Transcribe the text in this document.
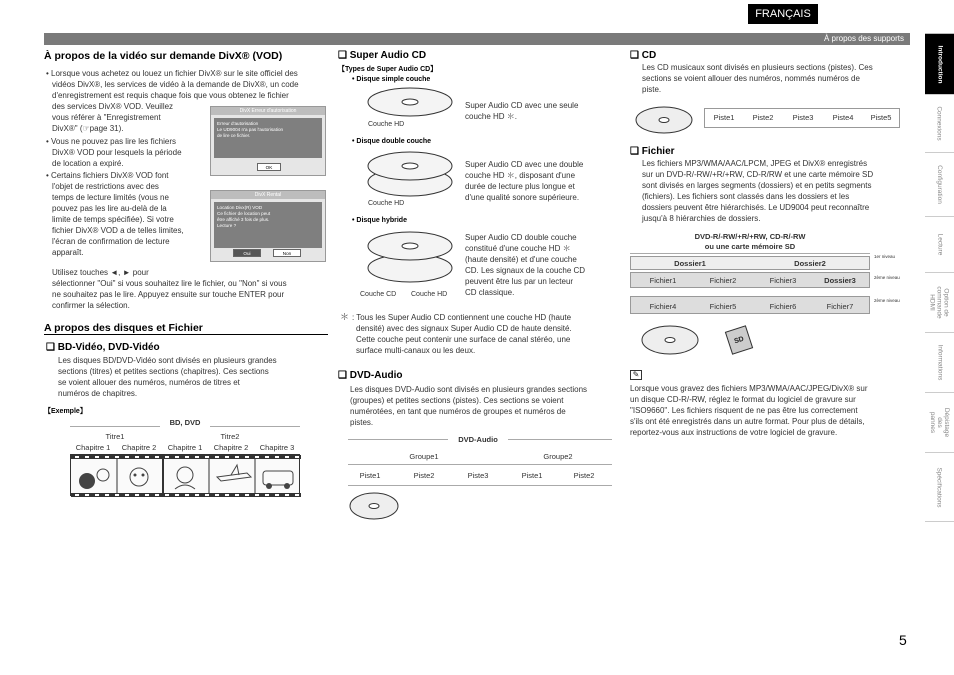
FRANÇAIS
À propos des supports
Introduction
Connexions
Configuration
Lecture
Option de commande HDMI
Informations
Dépistage des pannes
Spécifications
À propos de la vidéo sur demande DivX® (VOD)
• Lorsque vous achetez ou louez un fichier DivX® sur le site officiel des
vidéos DivX®, les services de vidéo à la demande de DivX®, un code
d'enregistrement est requis chaque fois que vous obtenez le fichier
des services DivX® VOD. Veuillez
vous référer à "Enregistrement
DivX®" (☞page 31).
• Vous ne pouvez pas lire les fichiers
DivX® VOD pour lesquels la période
de location a expiré.
• Certains fichiers DivX® VOD font
l'objet de restrictions avec des
temps de lecture limités (vous ne
pouvez pas les lire au-delà de la
limite de temps spécifiée). Si votre
fichier DivX® VOD a de telles limites,
l'écran de confirmation de lecture
apparaît.
DivX Erreur d'autorisation
Erreur d'autorisation
Le UD9004 n'a pas l'autorisation
de lire ce fichier.
OK
DivX Rental
Location Divx(R) VOD
Ce fichier de location peut
être affiché 3 fois de plus.
Lecture ?
Oui	Non
Utilisez touches ◄, ► pour
sélectionner "Oui" si vous souhaitez lire le fichier, ou "Non" si vous
ne souhaitez pas le lire. Appuyez ensuite sur touche ENTER pour
confirmer la sélection.
A propos des disques et Fichier
❑ BD-Vidéo, DVD-Vidéo
Les disques BD/DVD-Vidéo sont divisés en plusieurs grandes
sections (titres) et petites sections (chapitres). Ces sections
se voient allouer des numéros, numéros de titres et
numéros de chapitres.
【Exemple】
BD, DVD
Titre1	Titre2
Chapitre 1	Chapitre 2	Chapitre 1	Chapitre 2	Chapitre 3
❑ Super Audio CD
【Types de Super Audio CD】
• Disque simple couche
Couche HD
Super Audio CD avec une seule
couche HD ＊.
• Disque double couche
Couche HD
Super Audio CD avec une double
couche HD ＊, disposant d'une
durée de lecture plus longue et
d'une qualité sonore supérieure.
• Disque hybride
Couche CD Couche HD
Super Audio CD double couche
constitué d'une couche HD ＊
(haute densité) et d'une couche
CD. Les signaux de la couche CD
peuvent être lus par un lecteur
CD classique.
＊ : Tous les Super Audio CD contiennent une couche HD (haute
densité) avec des signaux Super Audio CD de haute densité.
Cette couche peut contenir une surface de canal stéréo, une
surface multi-canaux ou les deux.
❑ DVD-Audio
Les disques DVD-Audio sont divisés en plusieurs grandes sections
(groupes) et petites sections (pistes). Ces sections se voient
numérotées, en tant que numéros de groupes et numéros de
pistes.
DVD-Audio
Groupe1	Groupe2
Piste1	Piste2	Piste3	Piste1	Piste2
❑ CD
Les CD musicaux sont divisés en plusieurs sections (pistes). Ces
sections se voient allouer des numéros, nommés numéros de
piste.
Piste1	Piste2	Piste3	Piste4	Piste5
❑ Fichier
Les fichiers MP3/WMA/AAC/LPCM, JPEG et DivX® enregistrés
sur un DVD-R/-RW/+R/+RW, CD-R/RW et une carte mémoire SD
sont divisés en larges segments (dossiers) et en petits segments
(fichiers). Les fichiers sont classés dans les dossiers et les
dossiers peuvent être hiérarchisés. Le UD9004 peut reconnaître
jusqu'à 8 hiérarchies de dossiers.
DVD-R/-RW/+R/+RW, CD-R/-RW
ou une carte mémoire SD
Dossier1	Dossier2
1er niveau
Fichier1	Fichier2	Fichier3	Dossier3	2ème niveau
Fichier4	Fichier5	Fichier6	Fichier7
2ème niveau
SD
✎
Lorsque vous gravez des fichiers MP3/WMA/AAC/JPEG/DivX® sur
un disque CD-R/-RW, réglez le format du logiciel de gravure sur
"ISO9660". Les fichiers risquent de ne pas être lus correctement
s'ils ont été enregistrés dans un autre format. Pour plus de détails,
reportez-vous aux instructions de votre logiciel de gravure.
5
